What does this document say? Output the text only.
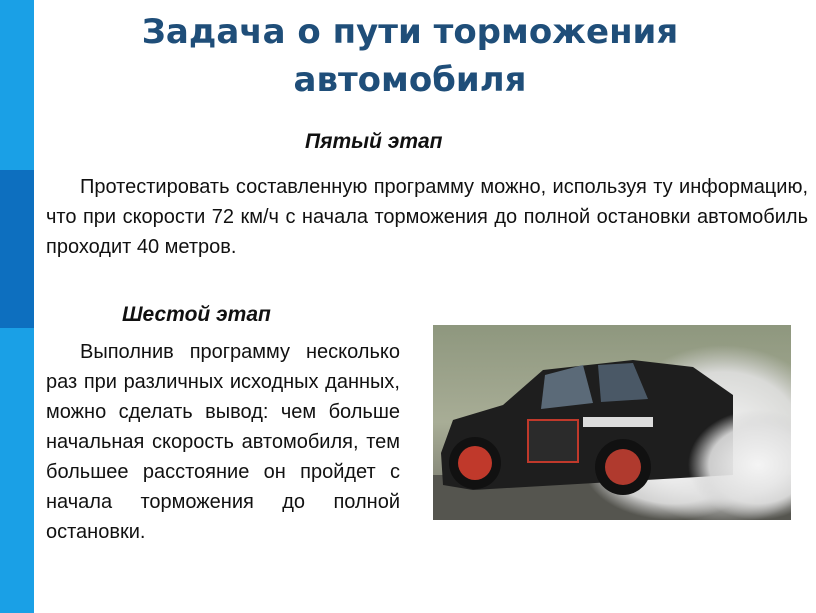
Задача о пути торможения
автомобиля
Пятый этап
Протестировать составленную программу можно, используя ту информацию, что при скорости 72 км/ч с начала торможения до полной остановки автомобиль проходит 40 метров.
Шестой этап
Выполнив программу несколько раз при различных исходных данных, можно сделать вывод: чем больше начальная скорость автомобиля, тем большее расстояние он пройдет с начала торможения до полной остановки.
